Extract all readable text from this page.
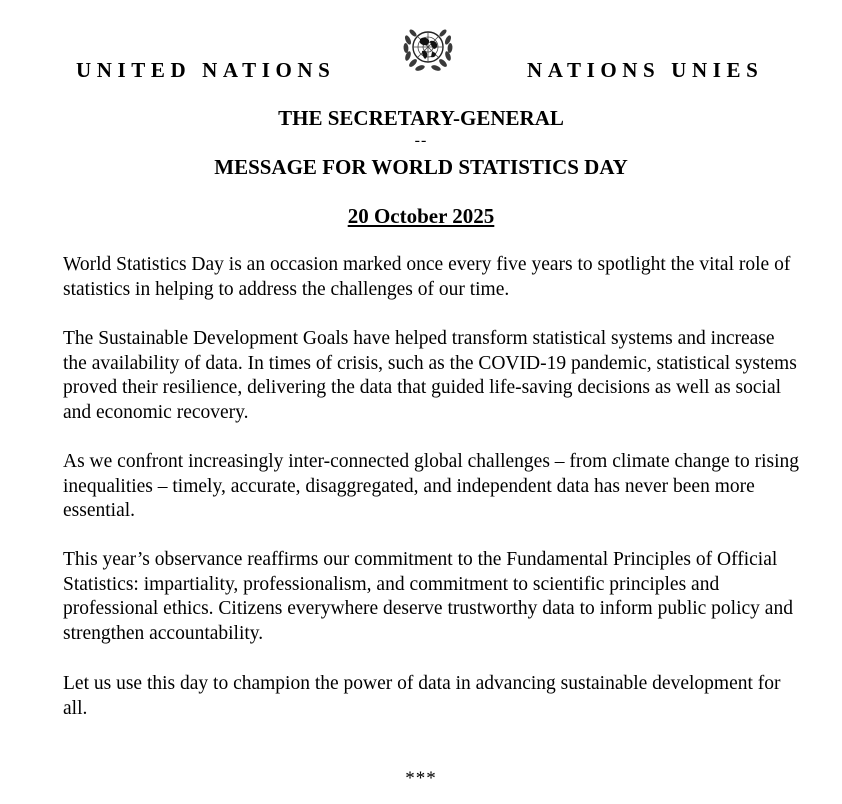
UNITED NATIONS	NATIONS UNIES
THE SECRETARY-GENERAL
--
MESSAGE FOR WORLD STATISTICS DAY
20 October 2025

World Statistics Day is an occasion marked once every five years to spotlight the vital role of statistics in helping to address the challenges of our time.

The Sustainable Development Goals have helped transform statistical systems and increase the availability of data. In times of crisis, such as the COVID-19 pandemic, statistical systems proved their resilience, delivering the data that guided life-saving decisions as well as social and economic recovery.

As we confront increasingly inter-connected global challenges – from climate change to rising inequalities – timely, accurate, disaggregated, and independent data has never been more essential.

This year’s observance reaffirms our commitment to the Fundamental Principles of Official Statistics: impartiality, professionalism, and commitment to scientific principles and professional ethics. Citizens everywhere deserve trustworthy data to inform public policy and strengthen accountability.

Let us use this day to champion the power of data in advancing sustainable development for all.

***
